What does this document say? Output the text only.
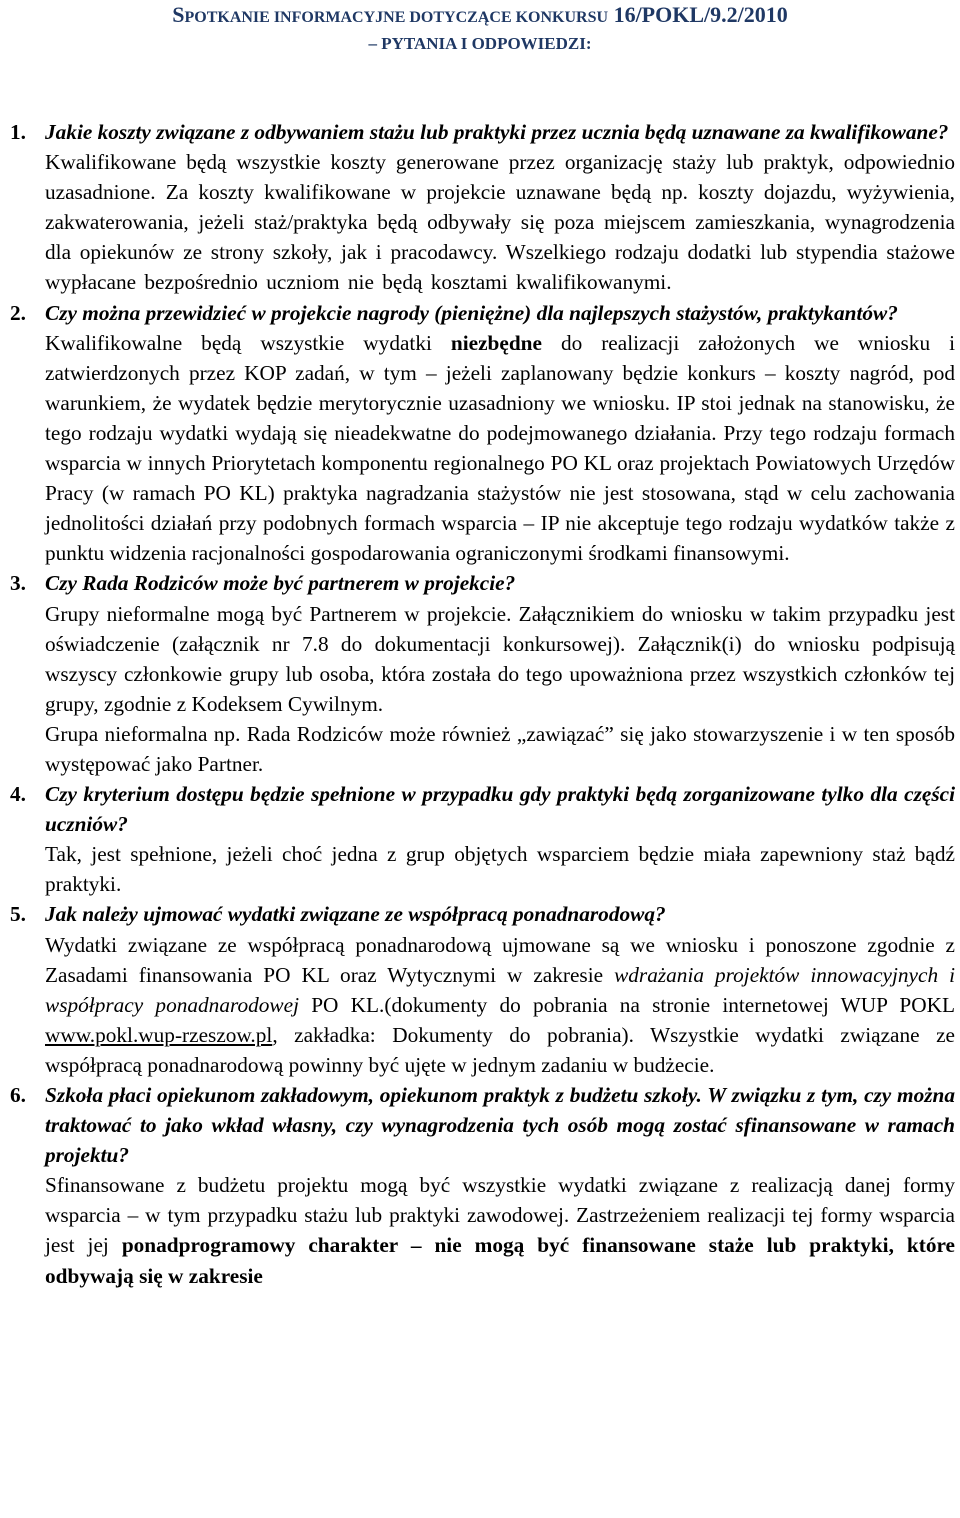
SPOTKANIE INFORMACYJNE DOTYCZĄCE KONKURSU 16/POKL/9.2/2010
– PYTANIA I ODPOWIEDZI:
1. Jakie koszty związane z odbywaniem stażu lub praktyki przez ucznia będą uznawane za kwalifikowane?

Kwalifikowane będą wszystkie koszty generowane przez organizację staży lub praktyk, odpowiednio uzasadnione. Za koszty kwalifikowane w projekcie uznawane będą np. koszty dojazdu, wyżywienia, zakwaterowania, jeżeli staż/praktyka będą odbywały się poza miejscem zamieszkania, wynagrodzenia dla opiekunów ze strony szkoły, jak i pracodawcy. Wszelkiego rodzaju dodatki lub stypendia stażowe wypłacane bezpośrednio uczniom nie będą kosztami kwalifikowanymi.

2. Czy można przewidzieć w projekcie nagrody (pieniężne) dla najlepszych stażystów, praktykantów?

Kwalifikowalne będą wszystkie wydatki niezbędne do realizacji założonych we wniosku i zatwierdzonych przez KOP zadań, w tym – jeżeli zaplanowany będzie konkurs – koszty nagród, pod warunkiem, że wydatek będzie merytorycznie uzasadniony we wniosku. IP stoi jednak na stanowisku, że tego rodzaju wydatki wydają się nieadekwatne do podejmowanego działania. Przy tego rodzaju formach wsparcia w innych Priorytetach komponentu regionalnego PO KL oraz projektach Powiatowych Urzędów Pracy (w ramach PO KL) praktyka nagradzania stażystów nie jest stosowana, stąd w celu zachowania jednolitości działań przy podobnych formach wsparcia – IP nie akceptuje tego rodzaju wydatków także z punktu widzenia racjonalności gospodarowania ograniczonymi środkami finansowymi.

3. Czy Rada Rodziców może być partnerem w projekcie?

Grupy nieformalne mogą być Partnerem w projekcie. Załącznikiem do wniosku w takim przypadku jest oświadczenie (załącznik nr 7.8 do dokumentacji konkursowej). Załącznik(i) do wniosku podpisują wszyscy członkowie grupy lub osoba, która została do tego upoważniona przez wszystkich członków tej grupy, zgodnie z Kodeksem Cywilnym.

Grupa nieformalna np. Rada Rodziców może również „zawiązać” się jako stowarzyszenie i w ten sposób występować jako Partner.

4. Czy kryterium dostępu będzie spełnione w przypadku gdy praktyki będą zorganizowane tylko dla części uczniów?

Tak, jest spełnione, jeżeli choć jedna z grup objętych wsparciem będzie miała zapewniony staż bądź praktyki.

5. Jak należy ujmować wydatki związane ze współpracą ponadnarodową?

Wydatki związane ze współpracą ponadnarodową ujmowane są we wniosku i ponoszone zgodnie z Zasadami finansowania PO KL oraz Wytycznymi w zakresie wdrażania projektów innowacyjnych i współpracy ponadnarodowej PO KL.(dokumenty do pobrania na stronie internetowej WUP POKL www.pokl.wup-rzeszow.pl, zakładka: Dokumenty do pobrania). Wszystkie wydatki związane ze współpracą ponadnarodową powinny być ujęte w jednym zadaniu w budżecie.

6. Szkoła płaci opiekunom zakładowym, opiekunom praktyk z budżetu szkoły. W związku z tym, czy można traktować to jako wkład własny, czy wynagrodzenia tych osób mogą zostać sfinansowane w ramach projektu?

Sfinansowane z budżetu projektu mogą być wszystkie wydatki związane z realizacją danej formy wsparcia – w tym przypadku stażu lub praktyki zawodowej. Zastrzeżeniem realizacji tej formy wsparcia jest jej ponadprogramowy charakter – nie mogą być finansowane staże lub praktyki, które odbywają się w zakresie
